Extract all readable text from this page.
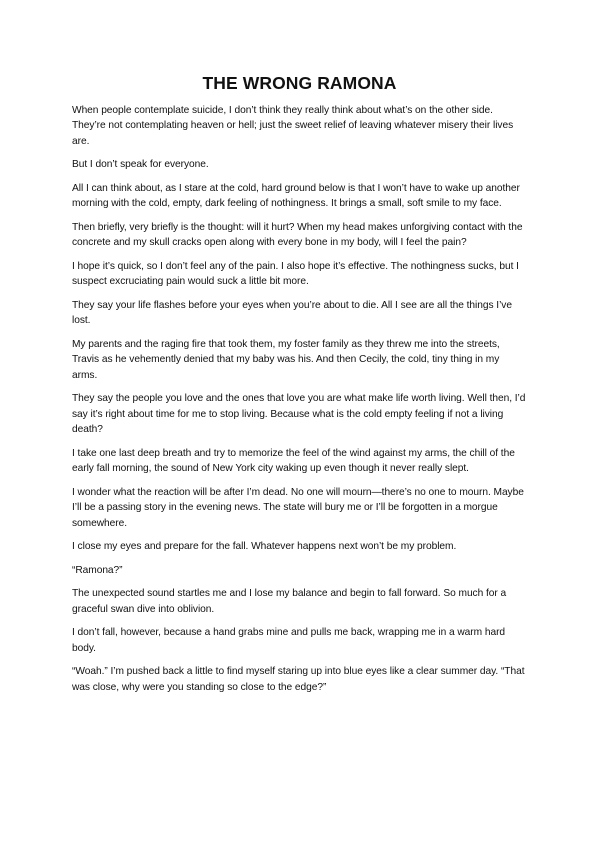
THE WRONG RAMONA

When people contemplate suicide, I don’t think they really think about what’s on the other side. They’re not contemplating heaven or hell; just the sweet relief of leaving whatever misery their lives are.

But I don’t speak for everyone.

All I can think about, as I stare at the cold, hard ground below is that I won’t have to wake up another morning with the cold, empty, dark feeling of nothingness. It brings a small, soft smile to my face.

Then briefly, very briefly is the thought: will it hurt? When my head makes unforgiving contact with the concrete and my skull cracks open along with every bone in my body, will I feel the pain?

I hope it’s quick, so I don’t feel any of the pain. I also hope it’s effective. The nothingness sucks, but I suspect excruciating pain would suck a little bit more.

They say your life flashes before your eyes when you’re about to die. All I see are all the things I’ve lost.

My parents and the raging fire that took them, my foster family as they threw me into the streets, Travis as he vehemently denied that my baby was his. And then Cecily, the cold, tiny thing in my arms.

They say the people you love and the ones that love you are what make life worth living. Well then, I’d say it’s right about time for me to stop living. Because what is the cold empty feeling if not a living death?

I take one last deep breath and try to memorize the feel of the wind against my arms, the chill of the early fall morning, the sound of New York city waking up even though it never really slept.

I wonder what the reaction will be after I’m dead. No one will mourn—there’s no one to mourn. Maybe I’ll be a passing story in the evening news. The state will bury me or I’ll be forgotten in a morgue somewhere.

I close my eyes and prepare for the fall. Whatever happens next won’t be my problem.

“Ramona?”

The unexpected sound startles me and I lose my balance and begin to fall forward. So much for a graceful swan dive into oblivion.

I don’t fall, however, because a hand grabs mine and pulls me back, wrapping me in a warm hard body.

“Woah.” I’m pushed back a little to find myself staring up into blue eyes like a clear summer day. “That was close, why were you standing so close to the edge?”
